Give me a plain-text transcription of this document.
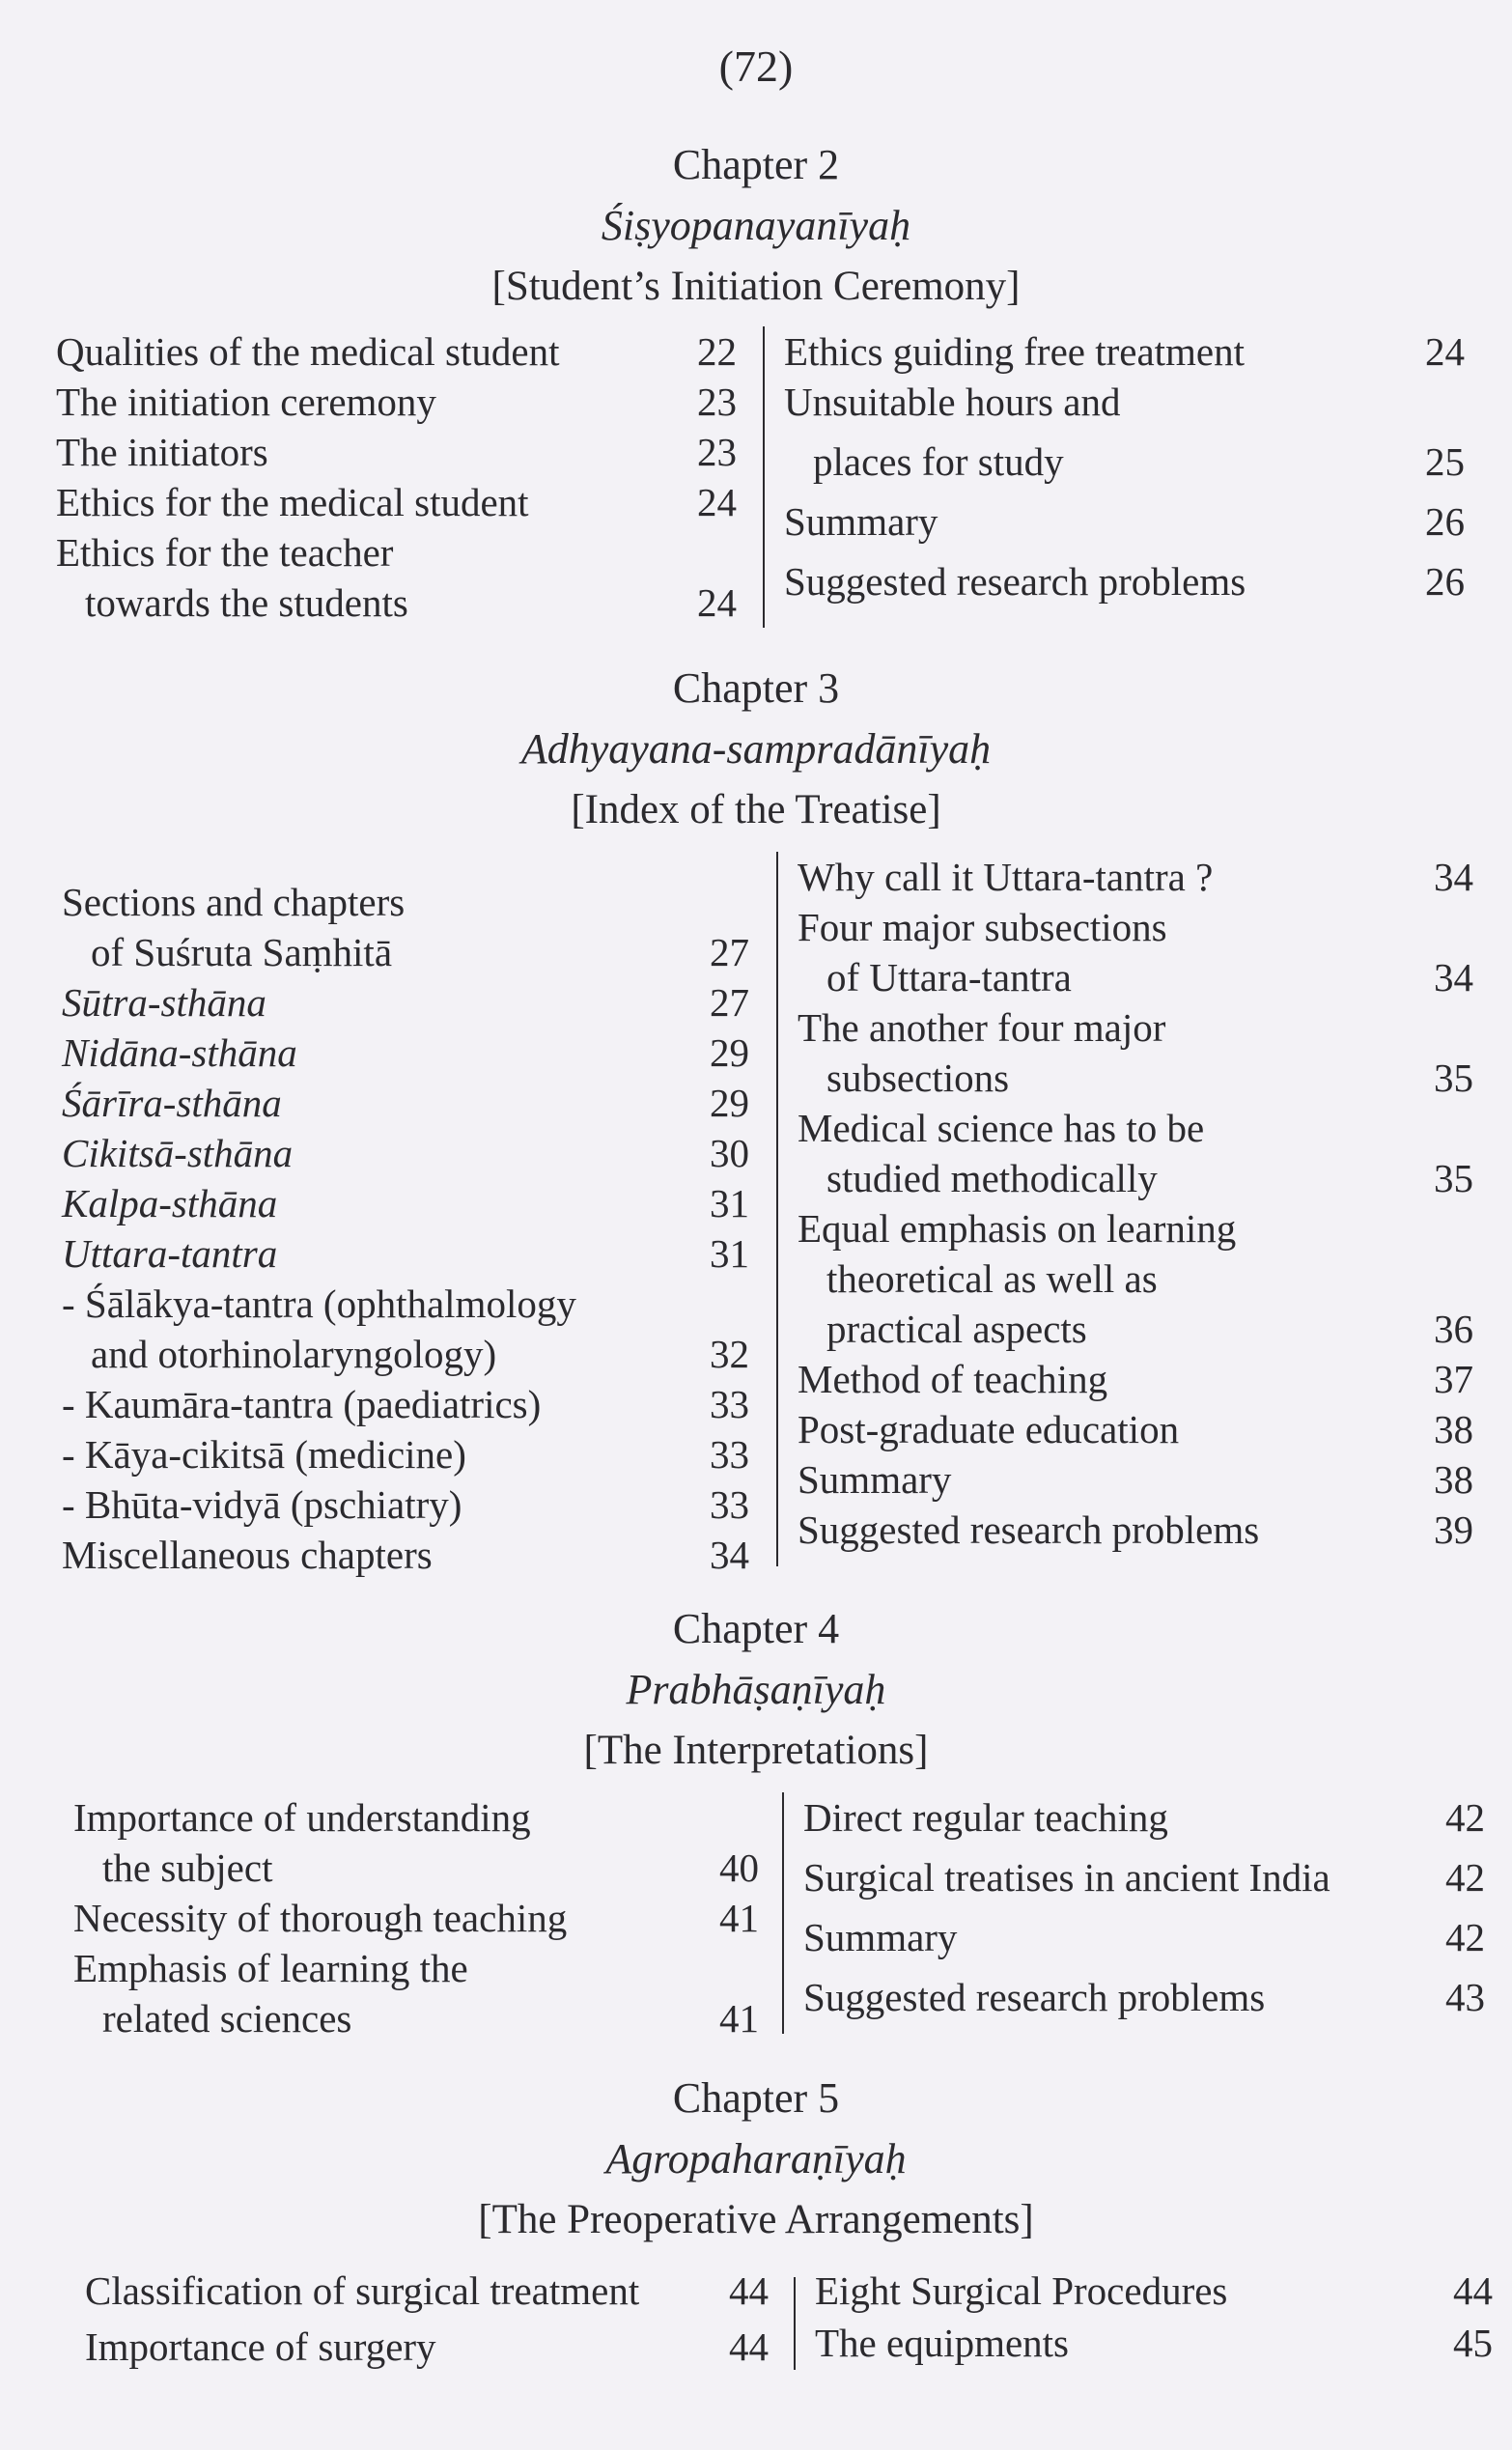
(72)
Chapter 2
Śiṣyopanayanīyaḥ
[Student’s Initiation Ceremony]
Qualities of the medical student	22
The initiation ceremony	23
The initiators	23
Ethics for the medical student	24
Ethics for the teacher
towards the students	24
Ethics guiding free treatment	24
Unsuitable hours and
places for study	25
Summary	26
Suggested research problems	26
Chapter 3
Adhyayana-sampradānīyaḥ
[Index of the Treatise]
Sections and chapters
of Suśruta Saṃhitā	27
Sūtra-sthāna	27
Nidāna-sthāna	29
Śārīra-sthāna	29
Cikitsā-sthāna	30
Kalpa-sthāna	31
Uttara-tantra	31
- Śālākya-tantra (ophthalmology
and otorhinolaryngology)	32
- Kaumāra-tantra (paediatrics)	33
- Kāya-cikitsā (medicine)	33
- Bhūta-vidyā (pschiatry)	33
Miscellaneous chapters	34
Why call it Uttara-tantra ?	34
Four major subsections
of Uttara-tantra	34
The another four major
subsections	35
Medical science has to be
studied methodically	35
Equal emphasis on learning
theoretical as well as
practical aspects	36
Method of teaching	37
Post-graduate education	38
Summary	38
Suggested research problems	39
Chapter 4
Prabhāṣaṇīyaḥ
[The Interpretations]
Importance of understanding
the subject	40
Necessity of thorough teaching	41
Emphasis of learning the
related sciences	41
Direct regular teaching	42
Surgical treatises in ancient India	42
Summary	42
Suggested research problems	43
Chapter 5
Agropaharaṇīyaḥ
[The Preoperative Arrangements]
Classification of surgical treatment 44
Importance of surgery	44
Eight Surgical Procedures	44
The equipments	45
